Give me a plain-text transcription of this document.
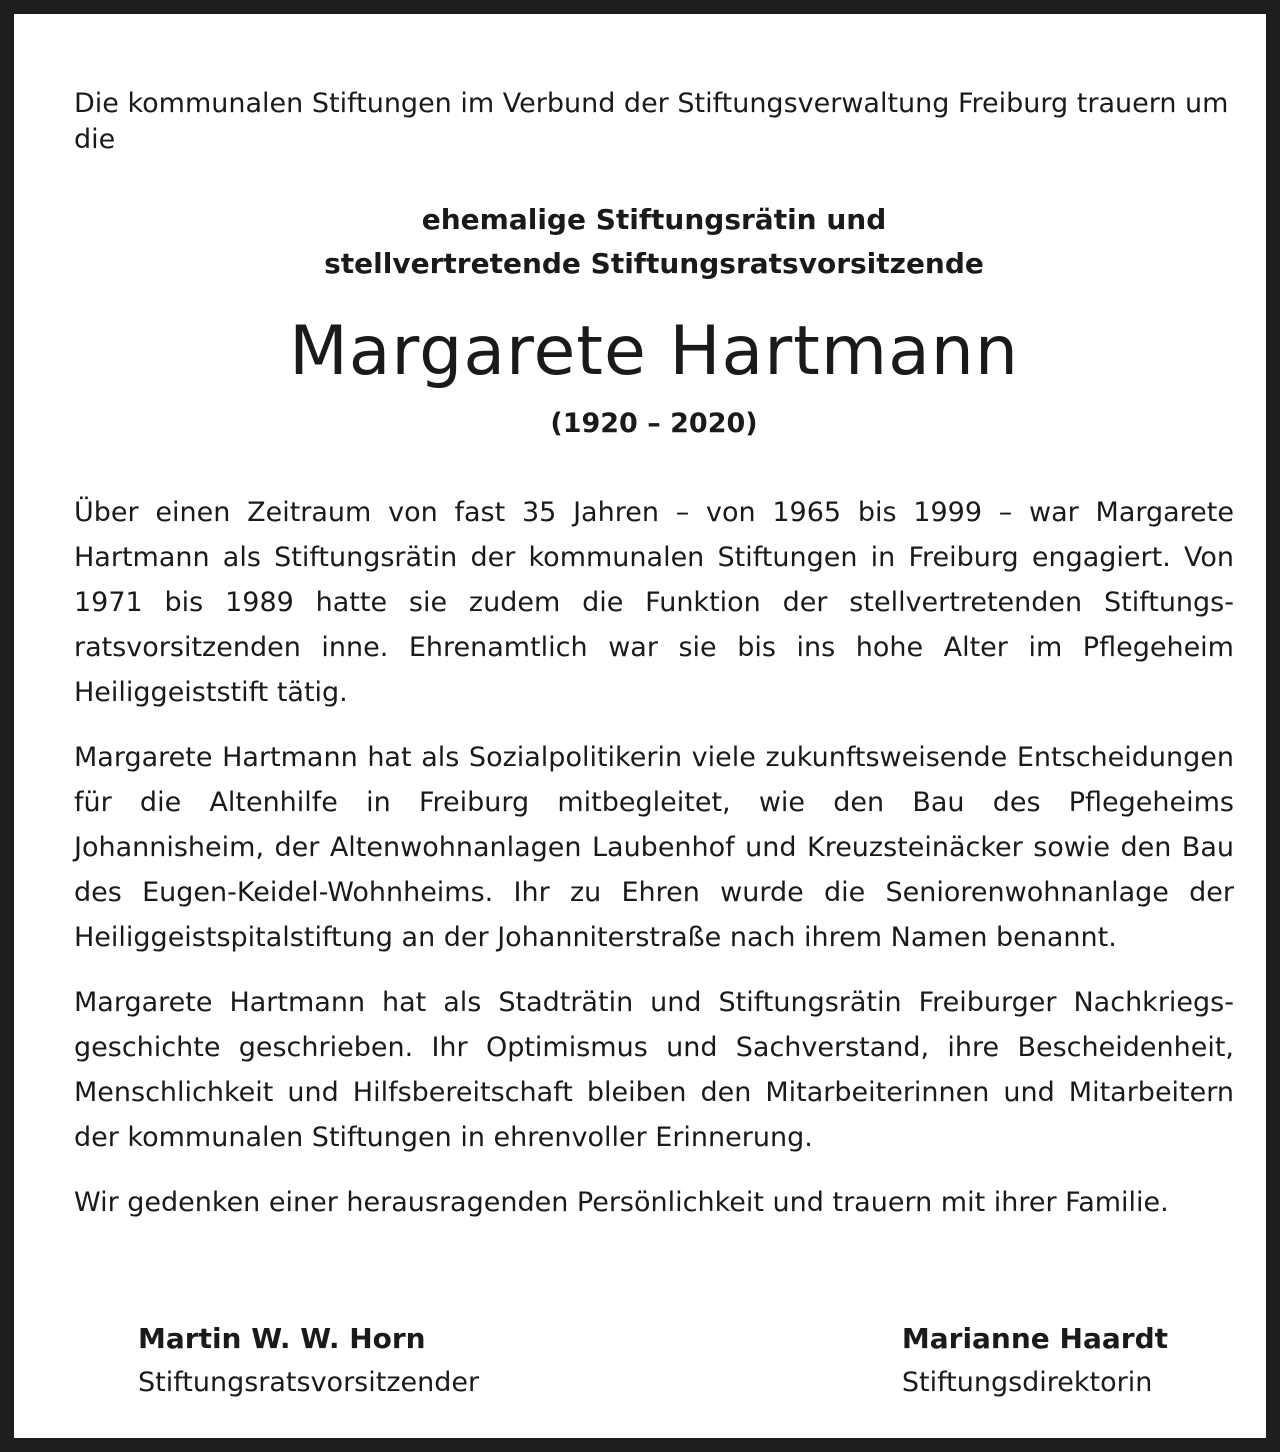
Die kommunalen Stiftungen im Verbund der Stiftungsverwaltung Freiburg trauern um die

ehemalige Stiftungsrätin und
stellvertretende Stiftungsratsvorsitzende
Margarete Hartmann
(1920 – 2020)

Über einen Zeitraum von fast 35 Jahren – von 1965 bis 1999 – war Margarete Hartmann als Stiftungsrätin der kommunalen Stiftungen in Freiburg engagiert. Von 1971 bis 1989 hatte sie zudem die Funktion der stellvertretenden Stiftungsratsvorsitzenden inne. Ehrenamtlich war sie bis ins hohe Alter im Pflegeheim Heiliggeiststift tätig.

Margarete Hartmann hat als Sozialpolitikerin viele zukunftsweisende Entscheidungen für die Altenhilfe in Freiburg mitbegleitet, wie den Bau des Pflegeheims Johannisheim, der Altenwohnanlagen Laubenhof und Kreuzsteinäcker sowie den Bau des Eugen-Keidel-Wohnheims. Ihr zu Ehren wurde die Seniorenwohnanlage der Heiliggeistspitalstiftung an der Johanniterstraße nach ihrem Namen benannt.

Margarete Hartmann hat als Stadträtin und Stiftungsrätin Freiburger Nachkriegsgeschichte geschrieben. Ihr Optimismus und Sachverstand, ihre Bescheidenheit, Menschlichkeit und Hilfsbereitschaft bleiben den Mitarbeiterinnen und Mitarbeitern der kommunalen Stiftungen in ehrenvoller Erinnerung.

Wir gedenken einer herausragenden Persönlichkeit und trauern mit ihrer Familie.

Martin W. W. Horn
Stiftungsratsvorsitzender
Marianne Haardt
Stiftungsdirektorin
